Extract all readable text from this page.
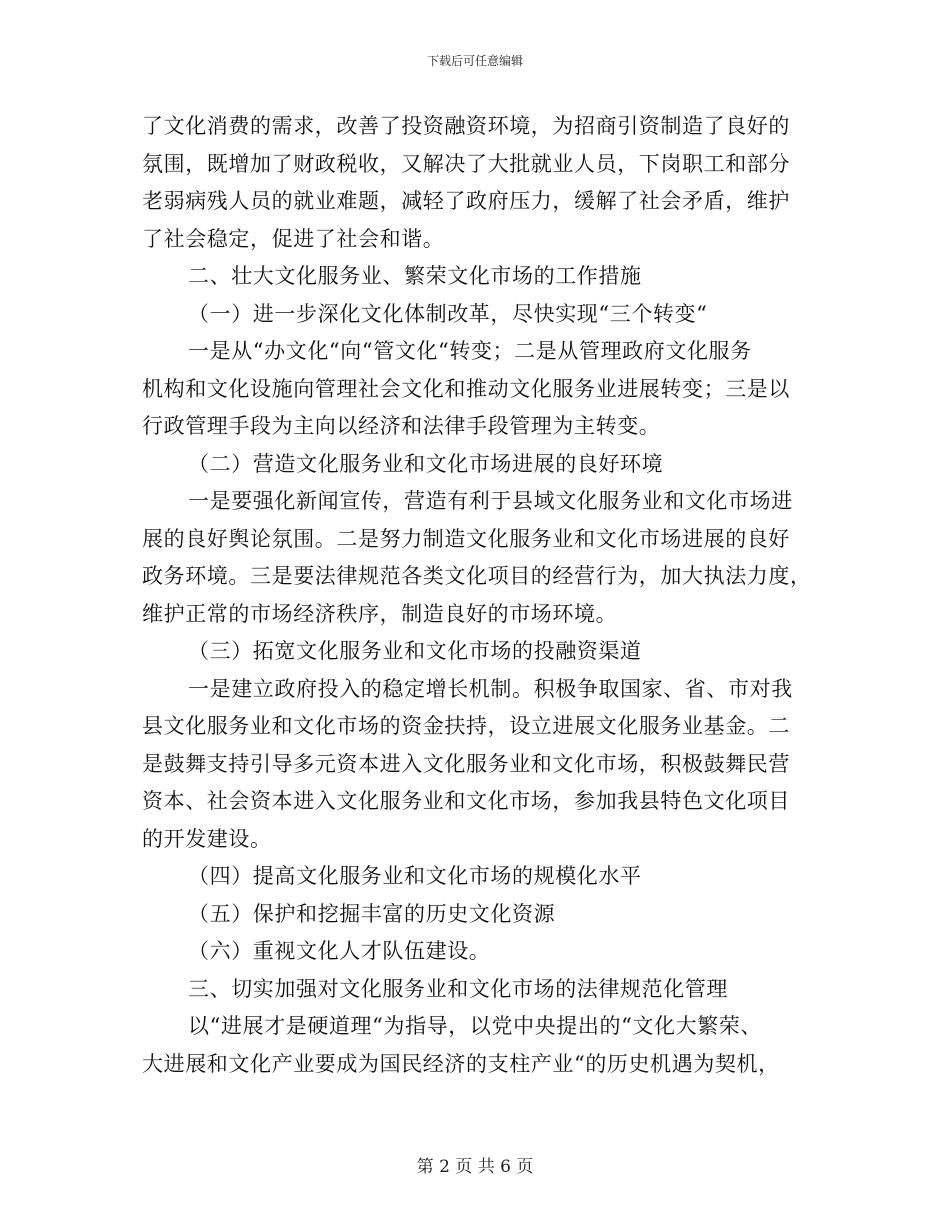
下载后可任意编辑

了文化消费的需求，改善了投资融资环境，为招商引资制造了良好的

氛围，既增加了财政税收，又解决了大批就业人员，下岗职工和部分

老弱病残人员的就业难题，减轻了政府压力，缓解了社会矛盾，维护

了社会稳定，促进了社会和谐。

二、壮大文化服务业、繁荣文化市场的工作措施

（一）进一步深化文化体制改革，尽快实现“三个转变“

一是从“办文化“向“管文化“转变；二是从管理政府文化服务

机构和文化设施向管理社会文化和推动文化服务业进展转变；三是以

行政管理手段为主向以经济和法律手段管理为主转变。

（二）营造文化服务业和文化市场进展的良好环境

一是要强化新闻宣传，营造有利于县域文化服务业和文化市场进

展的良好舆论氛围。二是努力制造文化服务业和文化市场进展的良好

政务环境。三是要法律规范各类文化项目的经营行为，加大执法力度，

维护正常的市场经济秩序，制造良好的市场环境。

（三）拓宽文化服务业和文化市场的投融资渠道

一是建立政府投入的稳定增长机制。积极争取国家、省、市对我

县文化服务业和文化市场的资金扶持，设立进展文化服务业基金。二

是鼓舞支持引导多元资本进入文化服务业和文化市场，积极鼓舞民营

资本、社会资本进入文化服务业和文化市场，参加我县特色文化项目

的开发建设。

（四）提高文化服务业和文化市场的规模化水平

（五）保护和挖掘丰富的历史文化资源

（六）重视文化人才队伍建设。

三、切实加强对文化服务业和文化市场的法律规范化管理

以“进展才是硬道理“为指导，以党中央提出的“文化大繁荣、

大进展和文化产业要成为国民经济的支柱产业“的历史机遇为契机，

第 2 页 共 6 页
